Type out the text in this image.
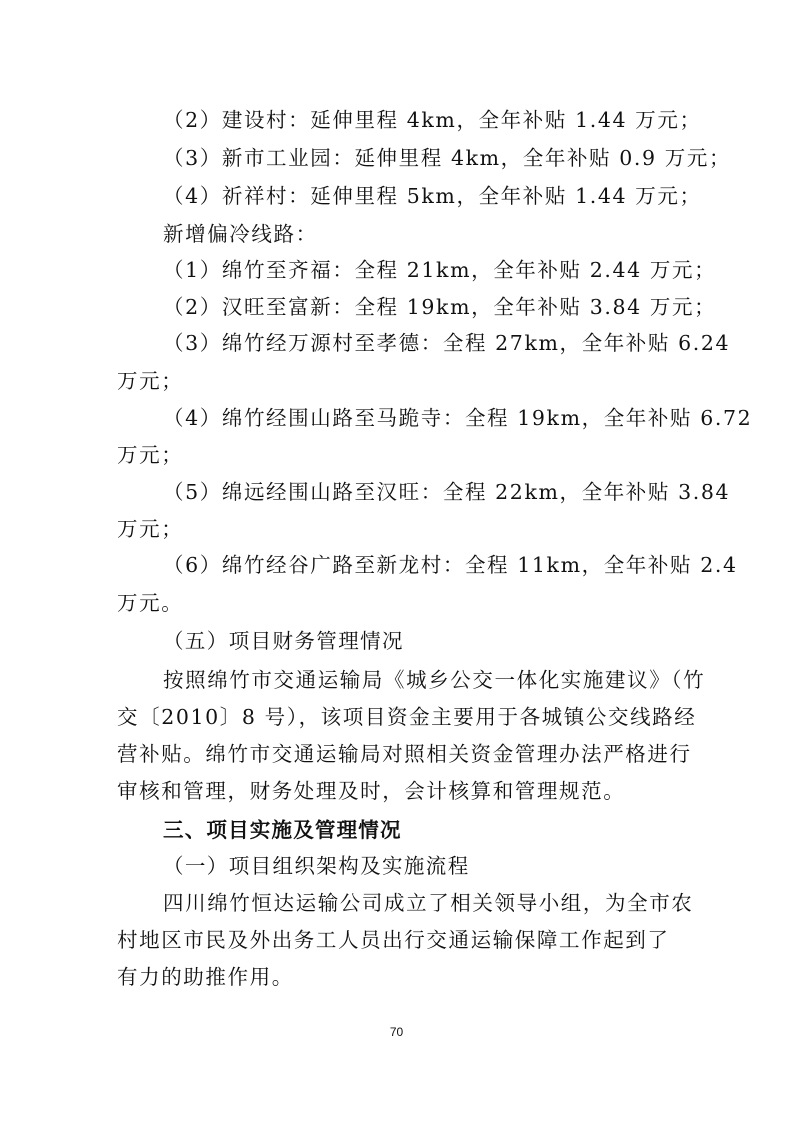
（2）建设村：延伸里程 4km，全年补贴 1.44 万元；
（3）新市工业园：延伸里程 4km，全年补贴 0.9 万元；
（4）祈祥村：延伸里程 5km，全年补贴 1.44 万元；
新增偏冷线路：
（1）绵竹至齐福：全程 21km，全年补贴 2.44 万元；
（2）汉旺至富新：全程 19km，全年补贴 3.84 万元；
（3）绵竹经万源村至孝德：全程 27km，全年补贴 6.24
万元；
（4）绵竹经围山路至马跪寺：全程 19km，全年补贴 6.72
万元；
（5）绵远经围山路至汉旺：全程 22km，全年补贴 3.84
万元；
（6）绵竹经谷广路至新龙村：全程 11km，全年补贴 2.4
万元。
（五）项目财务管理情况
按照绵竹市交通运输局《城乡公交一体化实施建议》（竹
交〔2010〕8 号），该项目资金主要用于各城镇公交线路经
营补贴。绵竹市交通运输局对照相关资金管理办法严格进行
审核和管理，财务处理及时，会计核算和管理规范。
三、项目实施及管理情况
（一）项目组织架构及实施流程
四川绵竹恒达运输公司成立了相关领导小组，为全市农
村地区市民及外出务工人员出行交通运输保障工作起到了
有力的助推作用。
70
